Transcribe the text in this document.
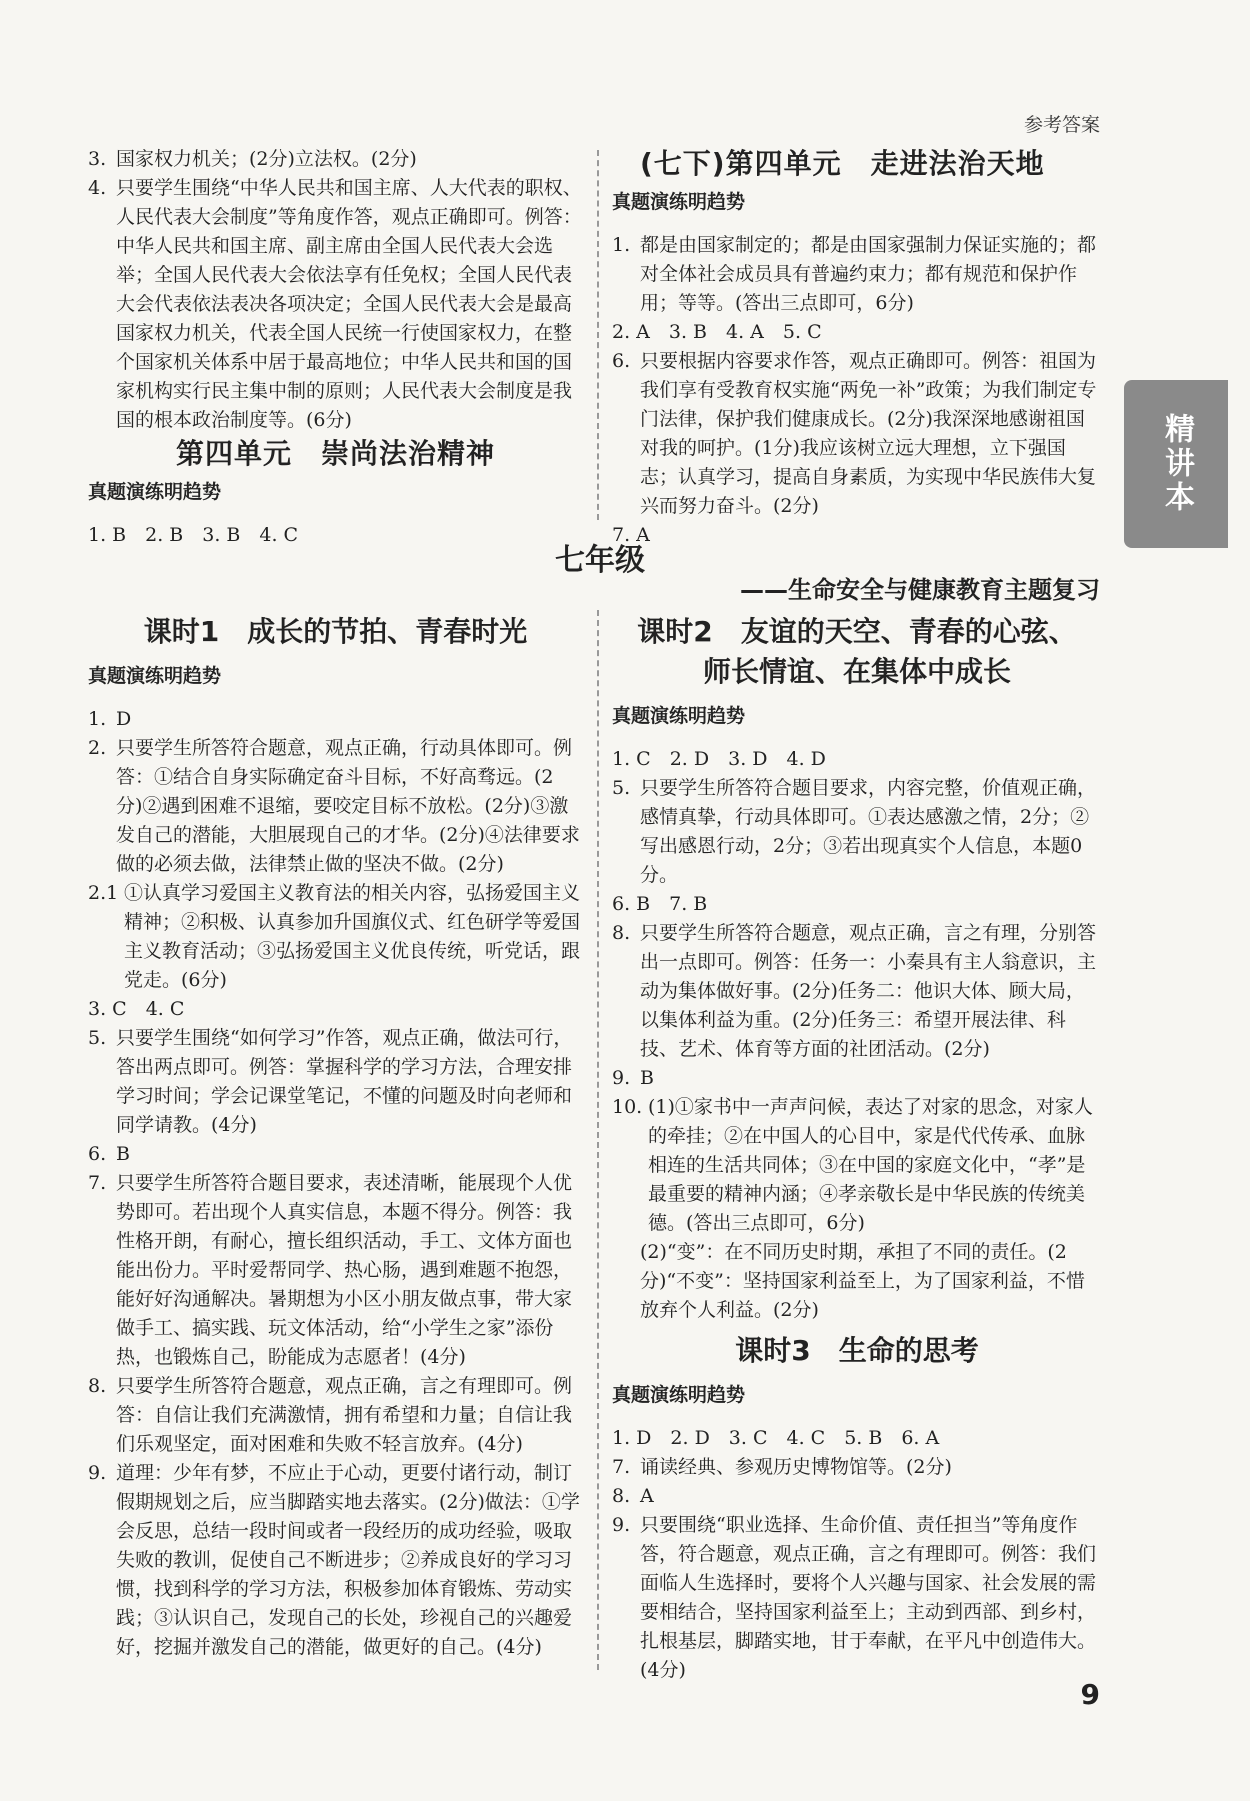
参考答案
精讲本
3. 国家权力机关；(2分)立法权。(2分)
4. 只要学生围绕“中华人民共和国主席、人大代表的职权、人民代表大会制度”等角度作答，观点正确即可。例答：中华人民共和国主席、副主席由全国人民代表大会选举；全国人民代表大会依法享有任免权；全国人民代表大会代表依法表决各项决定；全国人民代表大会是最高国家权力机关，代表全国人民统一行使国家权力，在整个国家机关体系中居于最高地位；中华人民共和国的国家机构实行民主集中制的原则；人民代表大会制度是我国的根本政治制度等。(6分)
第四单元　崇尚法治精神
真题演练明趋势

1. B　2. B　3. B　4. C

(七下)第四单元　走进法治天地
真题演练明趋势
1. 都是由国家制定的；都是由国家强制力保证实施的；都对全体社会成员具有普遍约束力；都有规范和保护作用；等等。(答出三点即可，6分)

2. A　3. B　4. A　5. C

6. 只要根据内容要求作答，观点正确即可。例答：祖国为我们享有受教育权实施“两免一补”政策；为我们制定专门法律，保护我们健康成长。(2分)我深深地感谢祖国对我的呵护。(1分)我应该树立远大理想，立下强国志；认真学习，提高自身素质，为实现中华民族伟大复兴而努力奋斗。(2分)

7. A

七年级
——生命安全与健康教育主题复习
课时1　成长的节拍、青春时光
真题演练明趋势
1. D
2. 只要学生所答符合题意，观点正确，行动具体即可。例答：①结合自身实际确定奋斗目标，不好高骛远。(2分)②遇到困难不退缩，要咬定目标不放松。(2分)③激发自己的潜能，大胆展现自己的才华。(2分)④法律要求做的必须去做，法律禁止做的坚决不做。(2分)
2.1 ①认真学习爱国主义教育法的相关内容，弘扬爱国主义精神；②积极、认真参加升国旗仪式、红色研学等爱国主义教育活动；③弘扬爱国主义优良传统，听党话，跟党走。(6分)

3. C　4. C

5. 只要学生围绕“如何学习”作答，观点正确，做法可行，答出两点即可。例答：掌握科学的学习方法，合理安排学习时间；学会记课堂笔记，不懂的问题及时向老师和同学请教。(4分)
6. B
7. 只要学生所答符合题目要求，表述清晰，能展现个人优势即可。若出现个人真实信息，本题不得分。例答：我性格开朗，有耐心，擅长组织活动，手工、文体方面也能出份力。平时爱帮同学、热心肠，遇到难题不抱怨，能好好沟通解决。暑期想为小区小朋友做点事，带大家做手工、搞实践、玩文体活动，给“小学生之家”添份热，也锻炼自己，盼能成为志愿者！(4分)
8. 只要学生所答符合题意，观点正确，言之有理即可。例答：自信让我们充满激情，拥有希望和力量；自信让我们乐观坚定，面对困难和失败不轻言放弃。(4分)
9. 道理：少年有梦，不应止于心动，更要付诸行动，制订假期规划之后，应当脚踏实地去落实。(2分)做法：①学会反思，总结一段时间或者一段经历的成功经验，吸取失败的教训，促使自己不断进步；②养成良好的学习习惯，找到科学的学习方法，积极参加体育锻炼、劳动实践；③认识自己，发现自己的长处，珍视自己的兴趣爱好，挖掘并激发自己的潜能，做更好的自己。(4分)
课时2　友谊的天空、青春的心弦、
师长情谊、在集体中成长
真题演练明趋势

1. C　2. D　3. D　4. D

5. 只要学生所答符合题目要求，内容完整，价值观正确，感情真挚，行动具体即可。①表达感激之情，2分；②写出感恩行动，2分；③若出现真实个人信息，本题0分。

6. B　7. B

8. 只要学生所答符合题意，观点正确，言之有理，分别答出一点即可。例答：任务一：小秦具有主人翁意识，主动为集体做好事。(2分)任务二：他识大体、顾大局，以集体利益为重。(2分)任务三：希望开展法律、科技、艺术、体育等方面的社团活动。(2分)
9. B
10. (1)①家书中一声声问候，表达了对家的思念，对家人的牵挂；②在中国人的心目中，家是代代传承、血脉相连的生活共同体；③在中国的家庭文化中，“孝”是最重要的精神内涵；④孝亲敬长是中华民族的传统美德。(答出三点即可，6分)

(2)“变”：在不同历史时期，承担了不同的责任。(2分)“不变”：坚持国家利益至上，为了国家利益，不惜放弃个人利益。(2分)

课时3　生命的思考
真题演练明趋势

1. D　2. D　3. C　4. C　5. B　6. A

7. 诵读经典、参观历史博物馆等。(2分)
8. A
9. 只要围绕“职业选择、生命价值、责任担当”等角度作答，符合题意，观点正确，言之有理即可。例答：我们面临人生选择时，要将个人兴趣与国家、社会发展的需要相结合，坚持国家利益至上；主动到西部、到乡村，扎根基层，脚踏实地，甘于奉献，在平凡中创造伟大。(4分)
9
